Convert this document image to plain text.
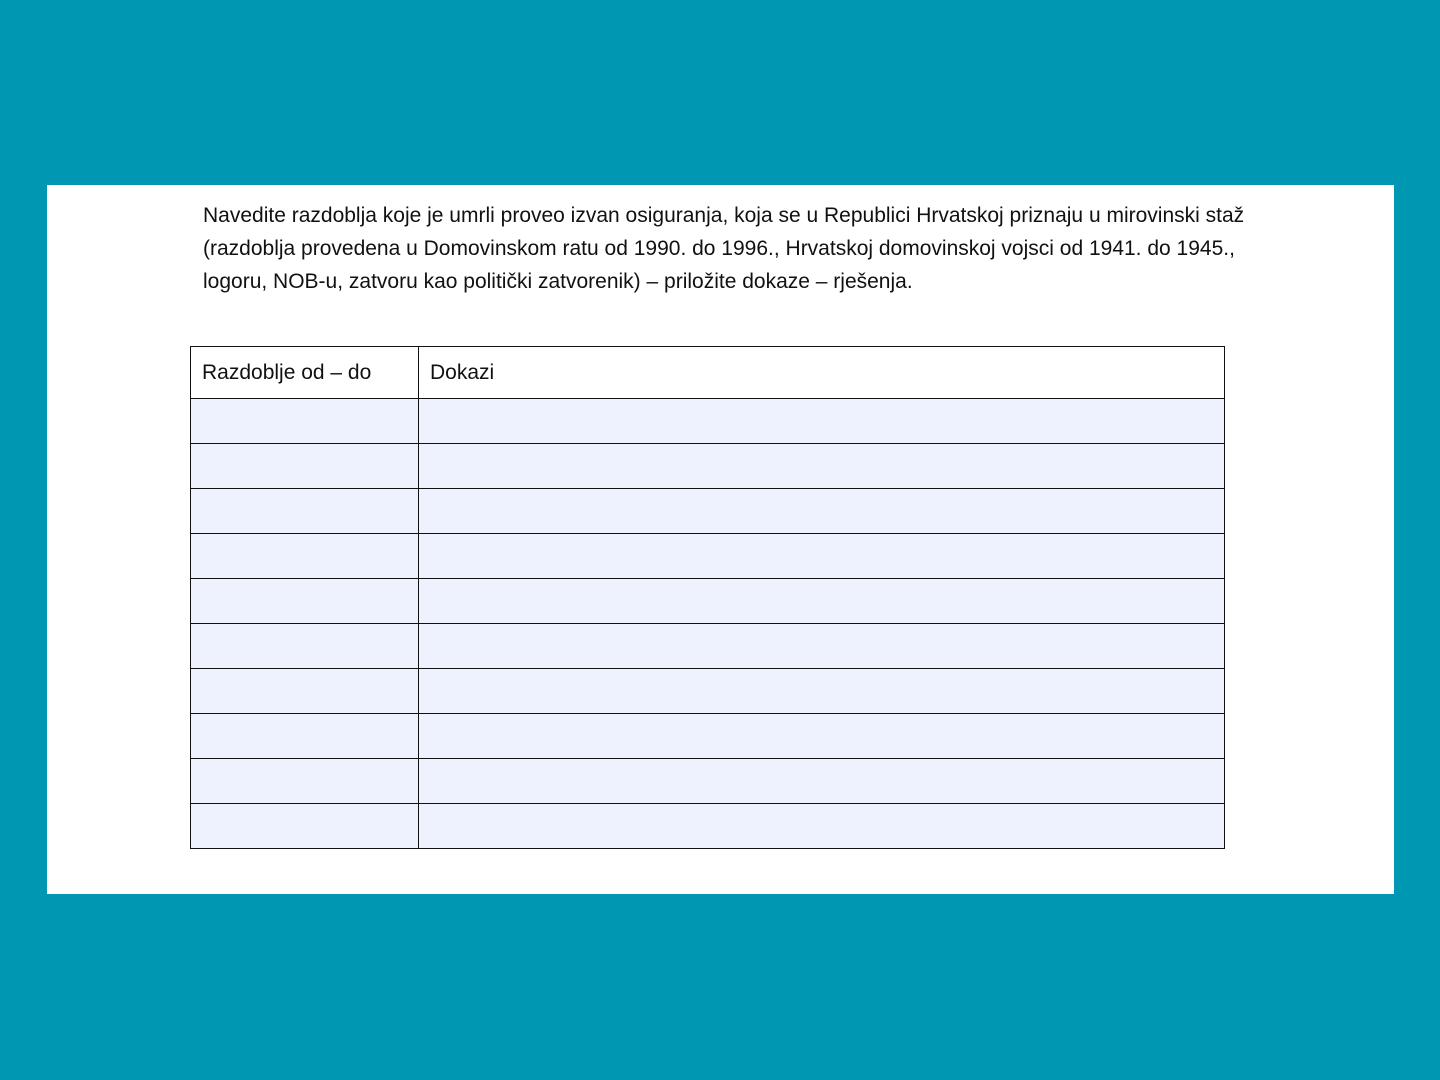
Navedite razdoblja koje je umrli proveo izvan osiguranja, koja se u Republici Hrvatskoj priznaju u mirovinski staž (razdoblja provedena u Domovinskom ratu od 1990. do 1996., Hrvatskoj domovinskoj vojsci od 1941. do 1945., logoru, NOB-u, zatvoru kao politički zatvorenik) – priložite dokaze – rješenja.

Razdoblje od – do	Dokazi
